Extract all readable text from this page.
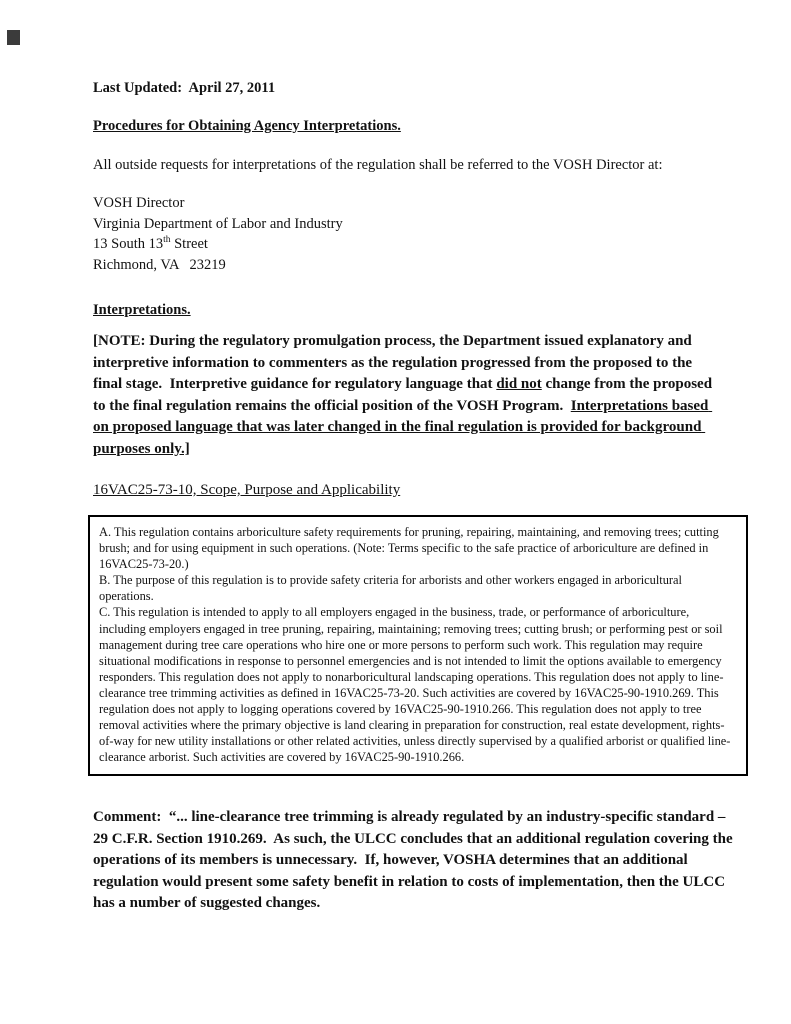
Last Updated:  April 27, 2011

Procedures for Obtaining Agency Interpretations.

All outside requests for interpretations of the regulation shall be referred to the VOSH Director at:

VOSH Director
Virginia Department of Labor and Industry
13 South 13th Street
Richmond, VA   23219

Interpretations.

[NOTE: During the regulatory promulgation process, the Department issued explanatory and interpretive information to commenters as the regulation progressed from the proposed to the final stage.  Interpretive guidance for regulatory language that did not change from the proposed to the final regulation remains the official position of the VOSH Program.  Interpretations based on proposed language that was later changed in the final regulation is provided for background purposes only.]

16VAC25-73-10, Scope, Purpose and Applicability

A. This regulation contains arboriculture safety requirements for pruning, repairing, maintaining, and removing trees; cutting brush; and for using equipment in such operations. (Note: Terms specific to the safe practice of arboriculture are defined in 16VAC25-73-20.)
B. The purpose of this regulation is to provide safety criteria for arborists and other workers engaged in arboricultural operations.
C. This regulation is intended to apply to all employers engaged in the business, trade, or performance of arboriculture, including employers engaged in tree pruning, repairing, maintaining; removing trees; cutting brush; or performing pest or soil management during tree care operations who hire one or more persons to perform such work. This regulation may require situational modifications in response to personnel emergencies and is not intended to limit the options available to emergency responders. This regulation does not apply to nonarboricultural landscaping operations. This regulation does not apply to line-clearance tree trimming activities as defined in 16VAC25-73-20. Such activities are covered by 16VAC25-90-1910.269. This regulation does not apply to logging operations covered by 16VAC25-90-1910.266. This regulation does not apply to tree removal activities where the primary objective is land clearing in preparation for construction, real estate development, rights-of-way for new utility installations or other related activities, unless directly supervised by a qualified arborist or qualified line-clearance arborist. Such activities are covered by 16VAC25-90-1910.266.

Comment:  “... line-clearance tree trimming is already regulated by an industry-specific standard – 29 C.F.R. Section 1910.269.  As such, the ULCC concludes that an additional regulation covering the operations of its members is unnecessary.  If, however, VOSHA determines that an additional regulation would present some safety benefit in relation to costs of implementation, then the ULCC has a number of suggested changes.
